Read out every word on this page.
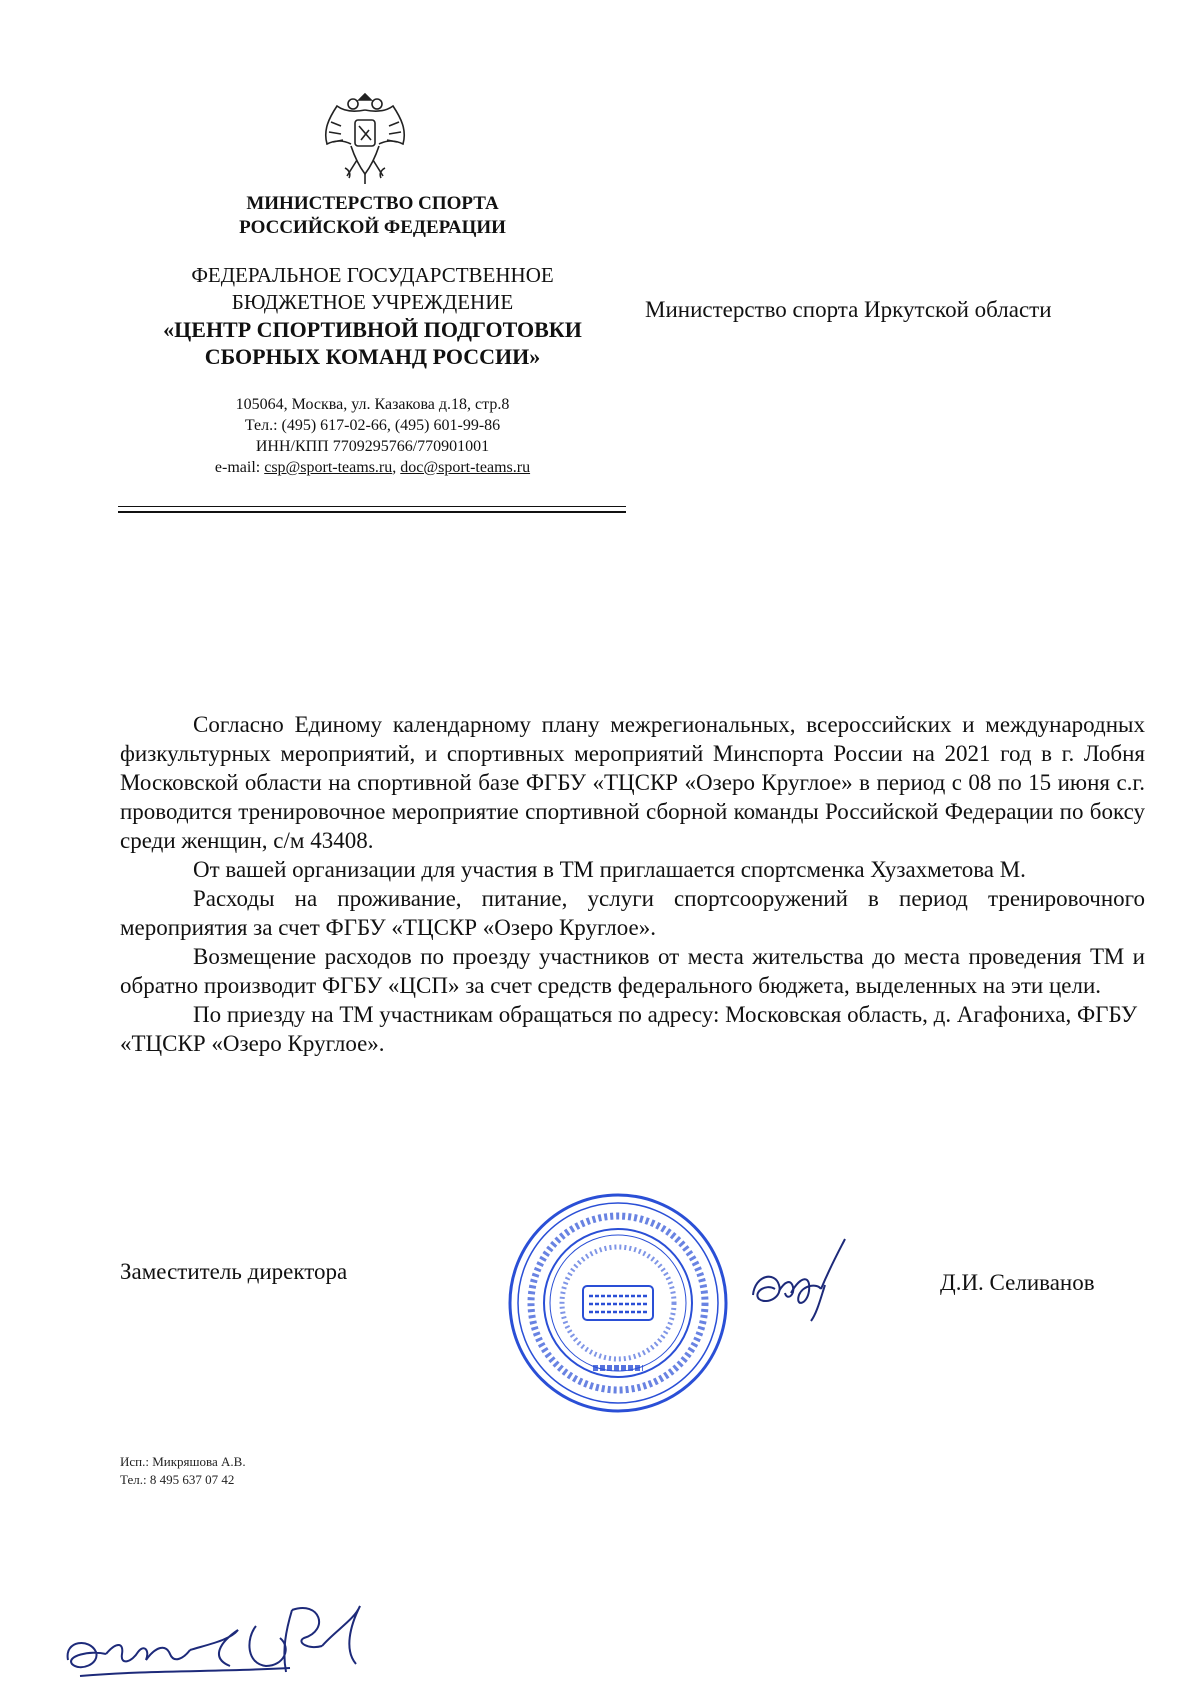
МИНИСТЕРСТВО СПОРТА
РОССИЙСКОЙ ФЕДЕРАЦИИ
ФЕДЕРАЛЬНОЕ ГОСУДАРСТВЕННОЕ
БЮДЖЕТНОЕ УЧРЕЖДЕНИЕ
«ЦЕНТР СПОРТИВНОЙ ПОДГОТОВКИ
СБОРНЫХ КОМАНД РОССИИ»
105064, Москва, ул. Казакова д.18, стр.8
Тел.: (495) 617-02-66, (495) 601-99-86
ИНН/КПП 7709295766/770901001
e-mail: csp@sport-teams.ru, doc@sport-teams.ru
Министерство спорта Иркутской области

Согласно Единому календарному плану межрегиональных, всероссийских и международных физкультурных мероприятий, и спортивных мероприятий Минспорта России на 2021 год в г. Лобня Московской области на спортивной базе ФГБУ «ТЦСКР «Озеро Круглое» в период с 08 по 15 июня с.г. проводится тренировочное мероприятие спортивной сборной команды Российской Федерации по боксу среди женщин, с/м 43408.

От вашей организации для участия в ТМ приглашается спортсменка Хузахметова М.

Расходы на проживание, питание, услуги спортсооружений в период тренировочного мероприятия за счет ФГБУ «ТЦСКР «Озеро Круглое».

Возмещение расходов по проезду участников от места жительства до места проведения ТМ и обратно производит ФГБУ «ЦСП» за счет средств федерального бюджета, выделенных на эти цели.

По приезду на ТМ участникам обращаться по адресу: Московская область, д. Агафониха, ФГБУ «ТЦСКР «Озеро Круглое».

Заместитель директора	Д.И. Селиванов
Исп.: Микряшова А.В.
Тел.: 8 495 637 07 42
